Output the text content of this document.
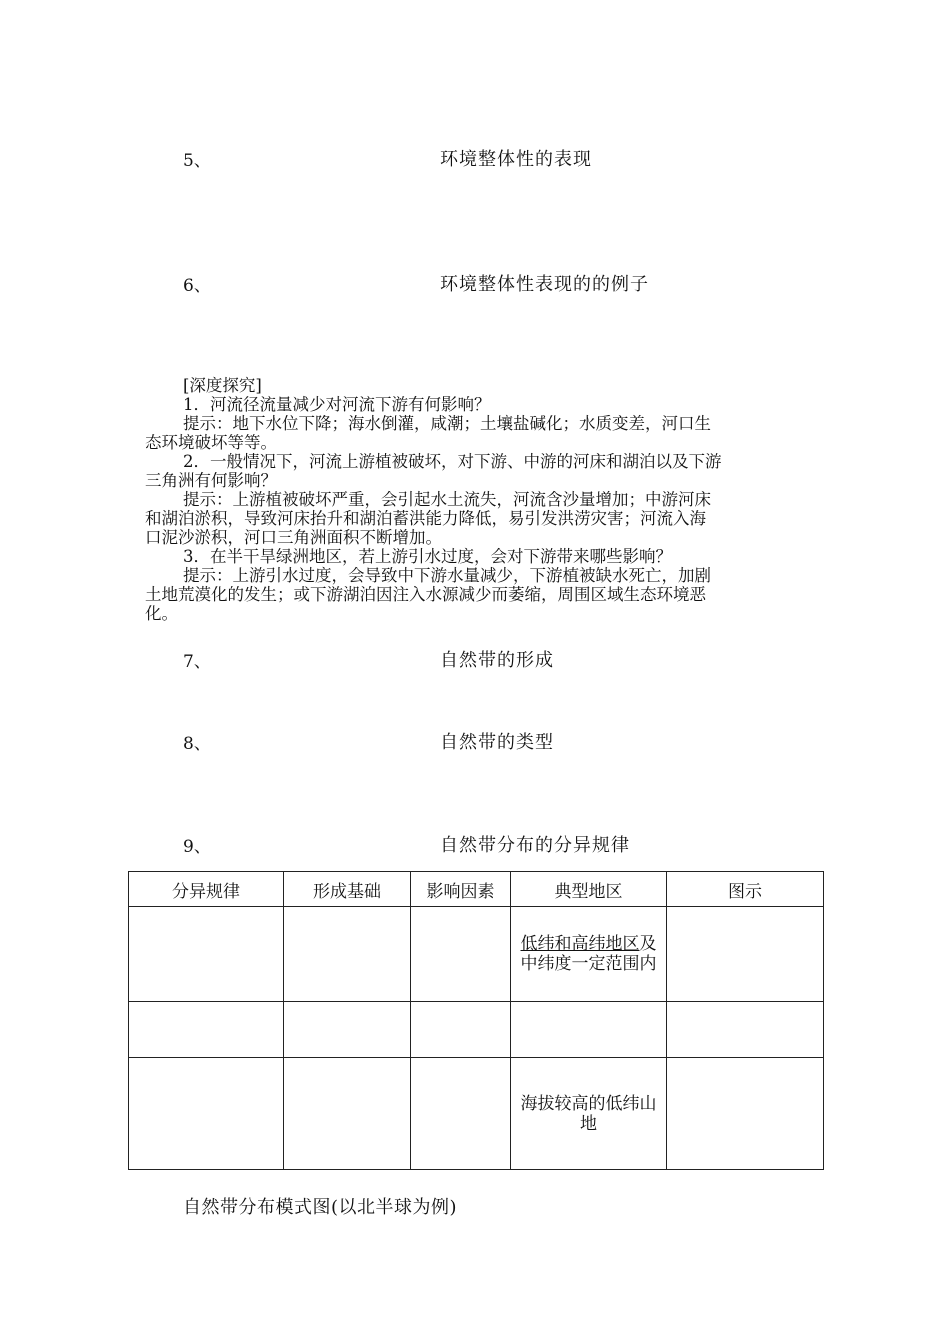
5、	环境整体性的表现
6、	环境整体性表现的的例子

[深度探究]

1．河流径流量减少对河流下游有何影响？

提示：地下水位下降；海水倒灌，咸潮；土壤盐碱化；水质变差，河口生

态环境破坏等等。

2．一般情况下，河流上游植被破坏，对下游、中游的河床和湖泊以及下游

三角洲有何影响？

提示：上游植被破坏严重，会引起水土流失，河流含沙量增加；中游河床

和湖泊淤积，导致河床抬升和湖泊蓄洪能力降低，易引发洪涝灾害；河流入海

口泥沙淤积，河口三角洲面积不断增加。

3．在半干旱绿洲地区，若上游引水过度，会对下游带来哪些影响？

提示：上游引水过度，会导致中下游水量减少，下游植被缺水死亡，加剧

土地荒漠化的发生；或下游湖泊因注入水源减少而萎缩，周围区域生态环境恶

化。

7、	自然带的形成
8、	自然带的类型
9、	自然带分布的分异规律
分异规律	形成基础	影响因素	典型地区	图示

			低纬和高纬地区及中纬度一定范围内	

			海拔较高的低纬山地	

自然带分布模式图(以北半球为例)
